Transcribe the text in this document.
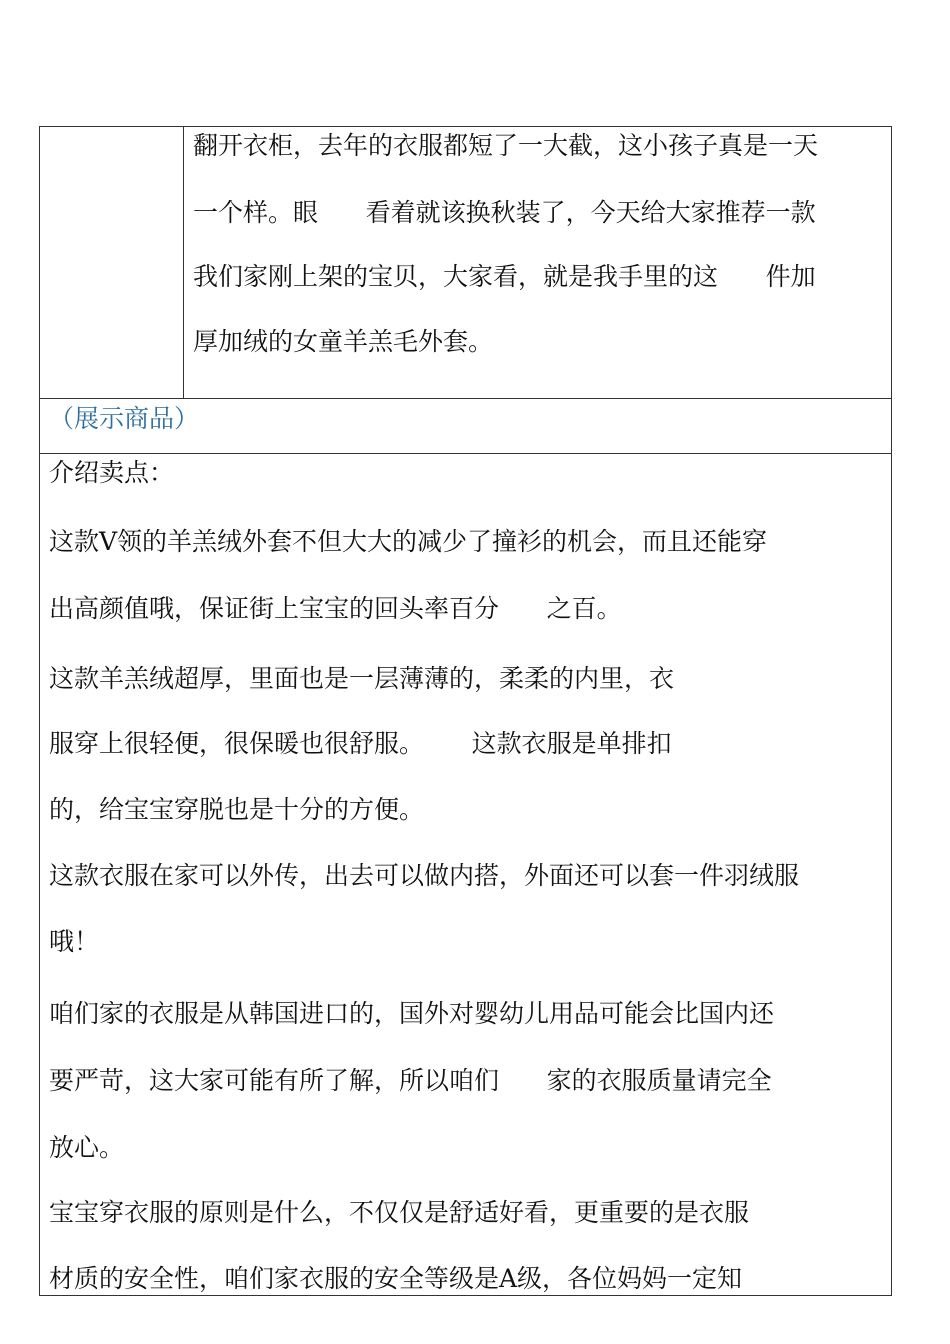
翻开衣柜，去年的衣服都短了一大截，这小孩子真是一天
一个样。眼      看着就该换秋装了，今天给大家推荐一款
我们家刚上架的宝贝，大家看，就是我手里的这      件加
厚加绒的女童羊羔毛外套。
（展示商品）
介绍卖点：
这款V领的羊羔绒外套不但大大的减少了撞衫的机会，而且还能穿
出高颜值哦，保证街上宝宝的回头率百分      之百。
这款羊羔绒超厚，里面也是一层薄薄的，柔柔的内里，衣
服穿上很轻便，很保暖也很舒服。      这款衣服是单排扣
的，给宝宝穿脱也是十分的方便。
这款衣服在家可以外传，出去可以做内搭，外面还可以套一件羽绒服
哦！
咱们家的衣服是从韩国进口的，国外对婴幼儿用品可能会比国内还
要严苛，这大家可能有所了解，所以咱们      家的衣服质量请完全
放心。
宝宝穿衣服的原则是什么，不仅仅是舒适好看，更重要的是衣服
材质的安全性，咱们家衣服的安全等级是A级，各位妈妈一定知
